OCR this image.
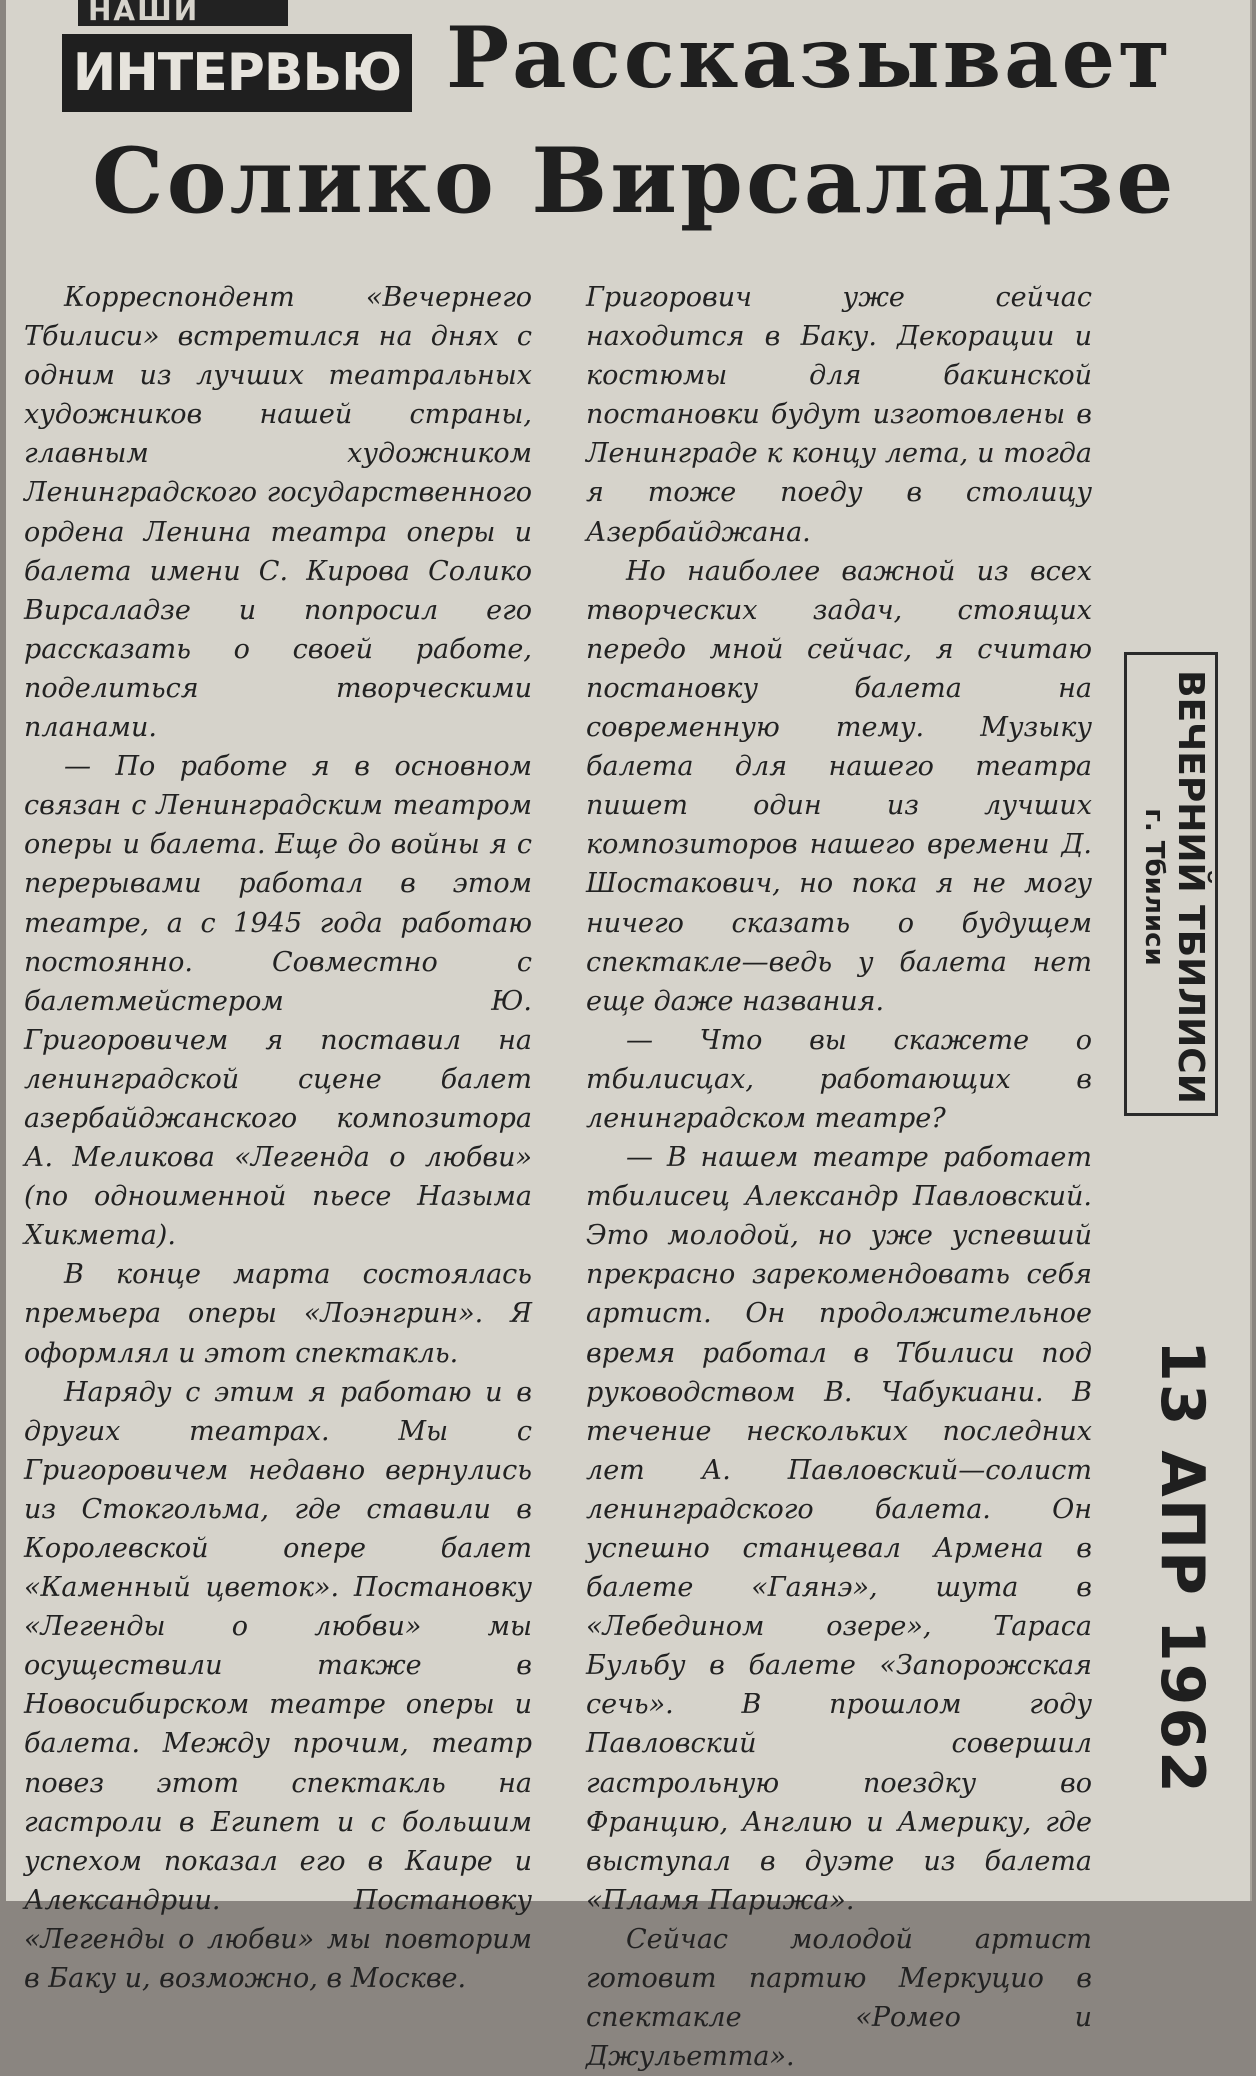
НАШИ
ИНТЕРВЬЮ Рассказывает
Солико Вирсаладзе

Корреспондент «Вечернего Тбилиси» встретился на днях с одним из лучших театральных художников нашей страны, главным художником Ленинградского государственного ордена Ленина театра оперы и балета имени С. Кирова Солико Вирсаладзе и попросил его рассказать о своей работе, поделиться творческими планами.

— По работе я в основном связан с Ленинградским театром оперы и балета. Еще до войны я с перерывами работал в этом театре, а с 1945 года работаю постоянно. Совместно с балетмейстером Ю. Григоровичем я поставил на ленинградской сцене балет азербайджанского композитора А. Меликова «Легенда о любви» (по одноименной пьесе Назыма Хикмета).

В конце марта состоялась премьера оперы «Лоэнгрин». Я оформлял и этот спектакль.

Наряду с этим я работаю и в других театрах. Мы с Григоровичем недавно вернулись из Стокгольма, где ставили в Королевской опере балет «Каменный цветок». Постановку «Легенды о любви» мы осуществили также в Новосибирском театре оперы и балета. Между прочим, театр повез этот спектакль на гастроли в Египет и с большим успехом показал его в Каире и Александрии. Постановку «Легенды о любви» мы повторим в Баку и, возможно, в Москве.

Григорович уже сейчас находится в Баку. Декорации и костюмы для бакинской постановки будут изготовлены в Ленинграде к концу лета, и тогда я тоже поеду в столицу Азербайджана.

Но наиболее важной из всех творческих задач, стоящих передо мной сейчас, я считаю постановку балета на современную тему. Музыку балета для нашего театра пишет один из лучших композиторов нашего времени Д. Шостакович, но пока я не могу ничего сказать о будущем спектакле—ведь у балета нет еще даже названия.

— Что вы скажете о тбилисцах, работающих в ленинградском театре?

— В нашем театре работает тбилисец Александр Павловский. Это молодой, но уже успевший прекрасно зарекомендовать себя артист. Он продолжительное время работал в Тбилиси под руководством В. Чабукиани. В течение нескольких последних лет А. Павловский—солист ленинградского балета. Он успешно станцевал Армена в балете «Гаянэ», шута в «Лебедином озере», Тараса Бульбу в балете «Запорожская сечь». В прошлом году Павловский совершил гастрольную поездку во Францию, Англию и Америку, где выступал в дуэте из балета «Пламя Парижа».

Сейчас молодой артист готовит партию Меркуцио в спектакле «Ромео и Джульетта».

ВЕЧЕРНИЙ ТБИЛИСИ
г. Тбилиси
13 АПР 1962
